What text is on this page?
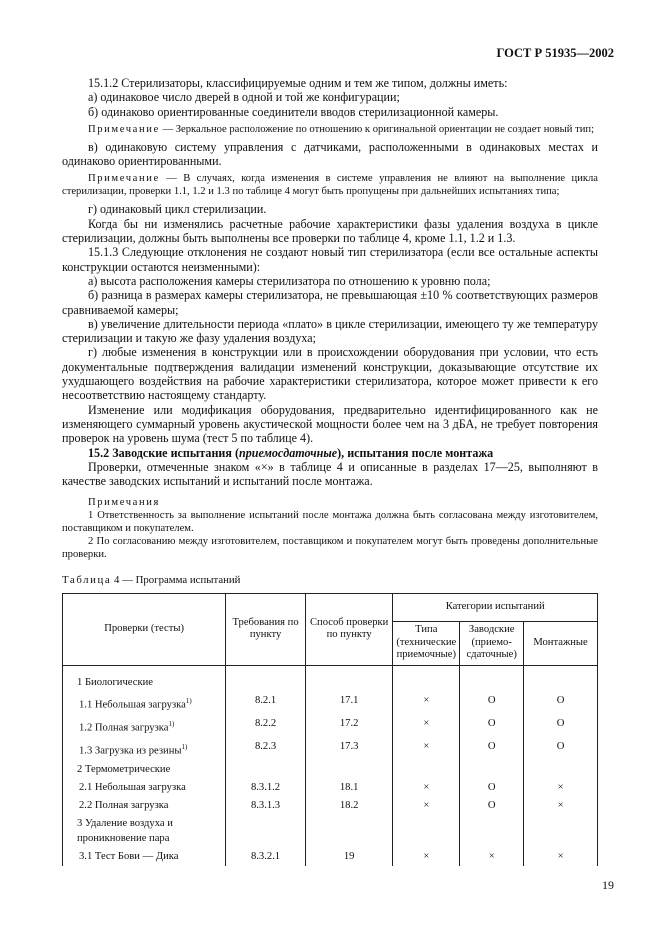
ГОСТ Р 51935—2002

15.1.2 Стерилизаторы, классифицируемые одним и тем же типом, должны иметь:

а) одинаковое число дверей в одной и той же конфигурации;

б) одинаково ориентированные соединители вводов стерилизационной камеры.

Примечание — Зеркальное расположение по отношению к оригинальной ориентации не создает новый тип;

в) одинаковую систему управления с датчиками, расположенными в одинаковых местах и одинаково ориентированными.

Примечание — В случаях, когда изменения в системе управления не влияют на выполнение цикла стерилизации, проверки 1.1, 1.2 и 1.3 по таблице 4 могут быть пропущены при дальнейших испытаниях типа;

г) одинаковый цикл стерилизации.

Когда бы ни изменялись расчетные рабочие характеристики фазы удаления воздуха в цикле стерилизации, должны быть выполнены все проверки по таблице 4, кроме 1.1, 1.2 и 1.3.

15.1.3 Следующие отклонения не создают новый тип стерилизатора (если все остальные аспекты конструкции остаются неизменными):

а) высота расположения камеры стерилизатора по отношению к уровню пола;

б) разница в размерах камеры стерилизатора, не превышающая ±10 % соответствующих размеров сравниваемой камеры;

в) увеличение длительности периода «плато» в цикле стерилизации, имеющего ту же температуру стерилизации и такую же фазу удаления воздуха;

г) любые изменения в конструкции или в происхождении оборудования при условии, что есть документальные подтверждения валидации изменений конструкции, доказывающие отсутствие их ухудшающего воздействия на рабочие характеристики стерилизатора, которое может привести к его несоответствию настоящему стандарту.

Изменение или модификация оборудования, предварительно идентифицированного как не изменяющего суммарный уровень акустической мощности более чем на 3 дБА, не требует повторения проверок на уровень шума (тест 5 по таблице 4).

15.2 Заводские испытания (приемосдаточные), испытания после монтажа

Проверки, отмеченные знаком «×» в таблице 4 и описанные в разделах 17—25, выполняют в качестве заводских испытаний и испытаний после монтажа.

Примечания

1 Ответственность за выполнение испытаний после монтажа должна быть согласована между изготовителем, поставщиком и покупателем.

2 По согласованию между изготовителем, поставщиком и покупателем могут быть проведены дополнительные проверки.

Таблица 4 — Программа испытаний
Проверки (тесты)	Требования по пункту	Способ проверки по пункту	Категории испытаний		
			Типа (технические приемочные)	Заводские (приемо-сдаточные)	Монтажные
1 Биологические					
1.1 Небольшая загрузка$^{1)}$	8.2.1	17.1	×	О	О
1.2 Полная загрузка$^{1)}$	8.2.2	17.2	×	О	О
1.3 Загрузка из резины$^{1)}$	8.2.3	17.3	×	О	О
2 Термометрические					
2.1 Небольшая загрузка	8.3.1.2	18.1	×	О	×
2.2 Полная загрузка	8.3.1.3	18.2	×	О	×
3 Удаление воздуха и проникновение пара					
3.1 Тест Бови — Дика	8.3.2.1	19	×	×	×
19
